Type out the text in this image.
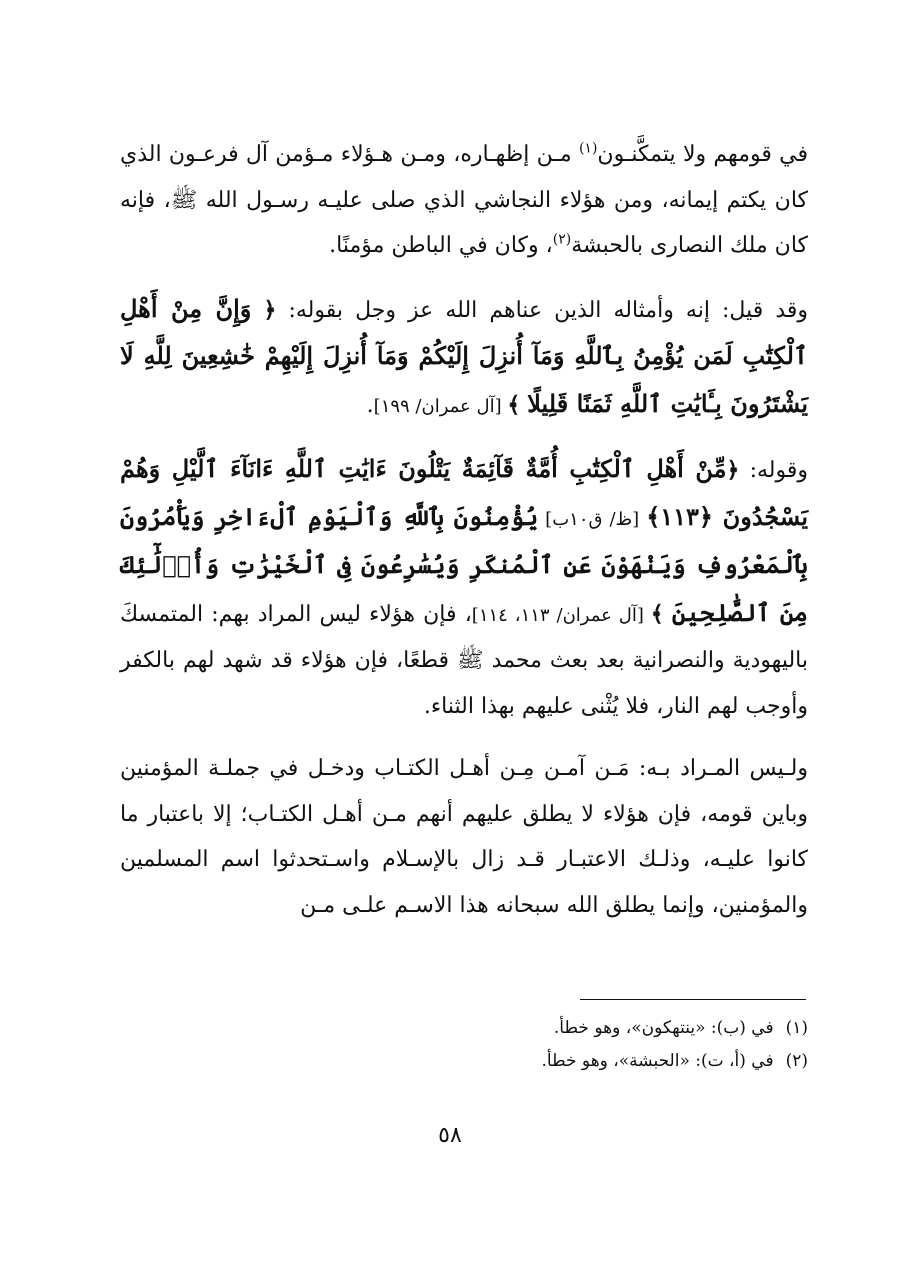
في قومهم ولا يتمكَّنـون$^{(١)}$ مـن إظهـاره، ومـن هـؤلاء مـؤمن آل فرعـون الذي كان يكتم إيمانه، ومن هؤلاء النجاشي الذي صلى عليـه رسـول الله ﷺ، فإنه كان ملك النصارى بالحبشة$^{(٢)}$، وكان في الباطن مؤمنًا.

وقد قيل: إنه وأمثاله الذين عناهم الله عز وجل بقوله: ﴿ وَإِنَّ مِنْ أَهْلِ ٱلْكِتَٰبِ لَمَن يُؤْمِنُ بِٱللَّهِ وَمَآ أُنزِلَ إِلَيْكُمْ وَمَآ أُنزِلَ إِلَيْهِمْ خَٰشِعِينَ لِلَّهِ لَا يَشْتَرُونَ بِـَٔايَٰتِ ٱللَّهِ ثَمَنًا قَلِيلًا ﴾ [آل عمران/ ١٩٩].

وقوله: ﴿مِّنْ أَهْلِ ٱلْكِتَٰبِ أُمَّةٌ قَآئِمَةٌ يَتْلُونَ ءَايَٰتِ ٱللَّهِ ءَانَآءَ ٱلَّيْلِ وَهُمْ يَسْجُدُونَ ﴿١١٣﴾ [ظ/ ق١٠ب] يُؤْمِنُونَ بِٱللَّهِ وَٱلْيَوْمِ ٱلْءَاخِرِ وَيَأْمُرُونَ بِٱلْمَعْرُوفِ وَيَنْهَوْنَ عَنِ ٱلْمُنكَرِ وَيُسَٰرِعُونَ فِى ٱلْخَيْرَٰتِ وَأُو۟لَٰٓئِكَ مِنَ ٱلصَّٰلِحِينَ ﴾ [آل عمران/ ١١٣، ١١٤]، فإن هؤلاء ليس المراد بهم: المتمسكَ باليهودية والنصرانية بعد بعث محمد ﷺ قطعًا، فإن هؤلاء قد شهد لهم بالكفر وأوجب لهم النار، فلا يُثْنى عليهم بهذا الثناء.

ولـيس المـراد بـه: مَـن آمـن مِـن أهـل الكتـاب ودخـل في جملـة المؤمنين وباين قومه، فإن هؤلاء لا يطلق عليهم أنهم مـن أهـل الكتـاب؛ إلا باعتبار ما كانوا عليـه، وذلـك الاعتبـار قـد زال بالإسـلام واسـتحدثوا اسم المسلمين والمؤمنين، وإنما يطلق الله سبحانه هذا الاسـم علـى مـن

(١)في (ب): «ينتهكون»، وهو خطأ.
(٢)في (أ، ت): «الحبشة»، وهو خطأ.
٥٨
